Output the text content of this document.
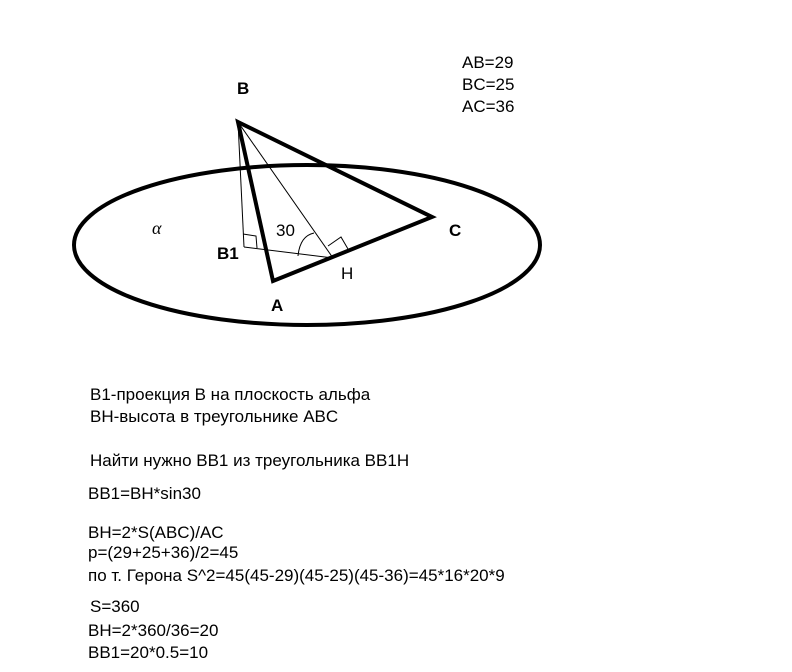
B
C
A
B1
H
30
α
AB=29
BC=25
AC=36
B1-проекция B на плоскость альфа
BH-высота в треугольнике ABC
Найти нужно BB1 из треугольника BB1H
BB1=BH*sin30
BH=2*S(ABC)/AC
p=(29+25+36)/2=45
по т. Герона S^2=45(45-29)(45-25)(45-36)=45*16*20*9
S=360
BH=2*360/36=20
BB1=20*0.5=10
